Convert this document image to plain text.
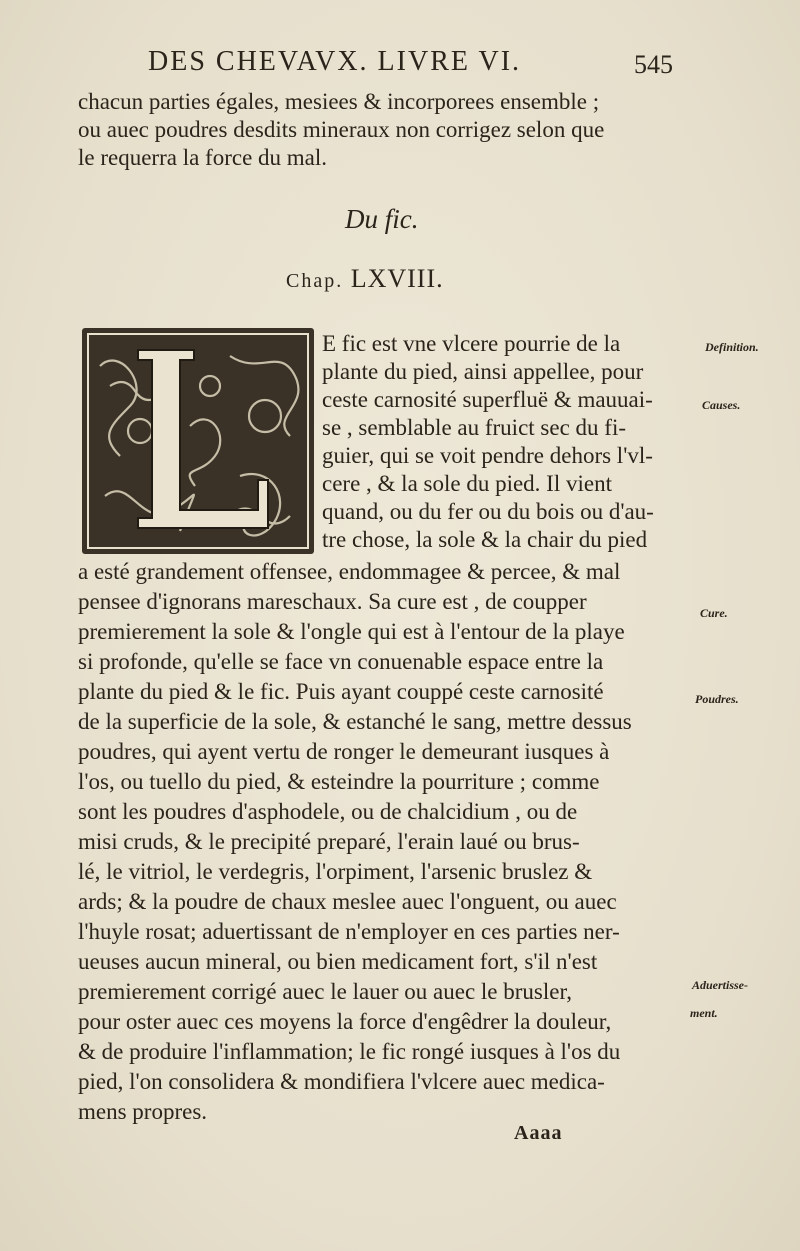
DES CHEVAVX. LIVRE VI.	545
chacun parties égales, mesiees & incorporees ensemble ;
ou auec poudres desdits mineraux non corrigez selon que
le requerra la force du mal.
Du fic.
Chap. LXVIII.
L
E fic est vne vlcere pourrie de la
plante du pied, ainsi appellee, pour
ceste carnosité superfluë & mauuai-
se , semblable au fruict sec du fi-
guier, qui se voit pendre dehors l'vl-
cere , & la sole du pied. Il vient
quand, ou du fer ou du bois ou d'au-
tre chose, la sole & la chair du pied
a esté grandement offensee, endommagee & percee, & mal
pensee d'ignorans mareschaux. Sa cure est , de coupper
premierement la sole & l'ongle qui est à l'entour de la playe
si profonde, qu'elle se face vn conuenable espace entre la
plante du pied & le fic. Puis ayant couppé ceste carnosité
de la superficie de la sole, & estanché le sang, mettre dessus
poudres, qui ayent vertu de ronger le demeurant iusques à
l'os, ou tuello du pied, & esteindre la pourriture ; comme
sont les poudres d'asphodele, ou de chalcidium , ou de
misi cruds, & le precipité preparé, l'erain laué ou brus-
lé, le vitriol, le verdegris, l'orpiment, l'arsenic bruslez &
ards; & la poudre de chaux meslee auec l'onguent, ou auec
l'huyle rosat; aduertissant de n'employer en ces parties ner-
ueuses aucun mineral, ou bien medicament fort, s'il n'est
premierement corrigé auec le lauer ou auec le brusler,
pour oster auec ces moyens la force d'engêdrer la douleur,
& de produire l'inflammation; le fic rongé iusques à l'os du
pied, l'on consolidera & mondifiera l'vlcere auec medica-
mens propres.
Definition.
Causes.
Cure.
Poudres.
Aduertisse-
ment.
Aaaa
